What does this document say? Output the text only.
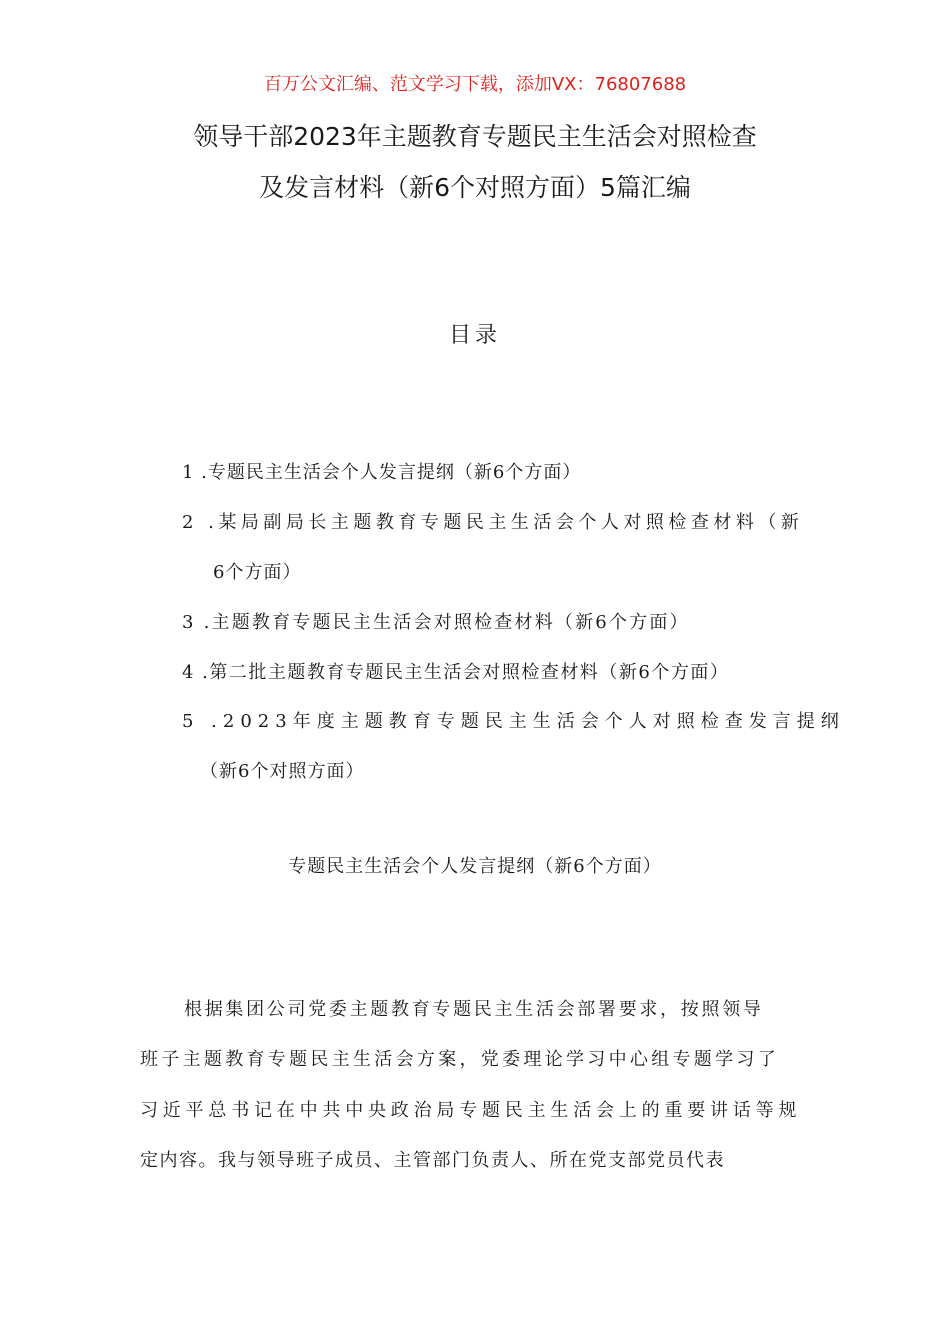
百万公文汇编、范文学习下载，添加VX：76807688
领导干部2023年主题教育专题民主生活会对照检查
及发言材料（新6个对照方面）5篇汇编
目录
1 .专题民主生活会个人发言提纲（新6个方面）
2 .某局副局长主题教育专题民主生活会个人对照检查材料（新
6个方面）
3 .主题教育专题民主生活会对照检查材料（新6个方面）
4 .第二批主题教育专题民主生活会对照检查材料（新6个方面）
5 .2023年度主题教育专题民主生活会个人对照检查发言提纲
（新6个对照方面）
专题民主生活会个人发言提纲（新6个方面）
根据集团公司党委主题教育专题民主生活会部署要求，按照领导
班子主题教育专题民主生活会方案，党委理论学习中心组专题学习了
习近平总书记在中共中央政治局专题民主生活会上的重要讲话等规
定内容。我与领导班子成员、主管部门负责人、所在党支部党员代表
